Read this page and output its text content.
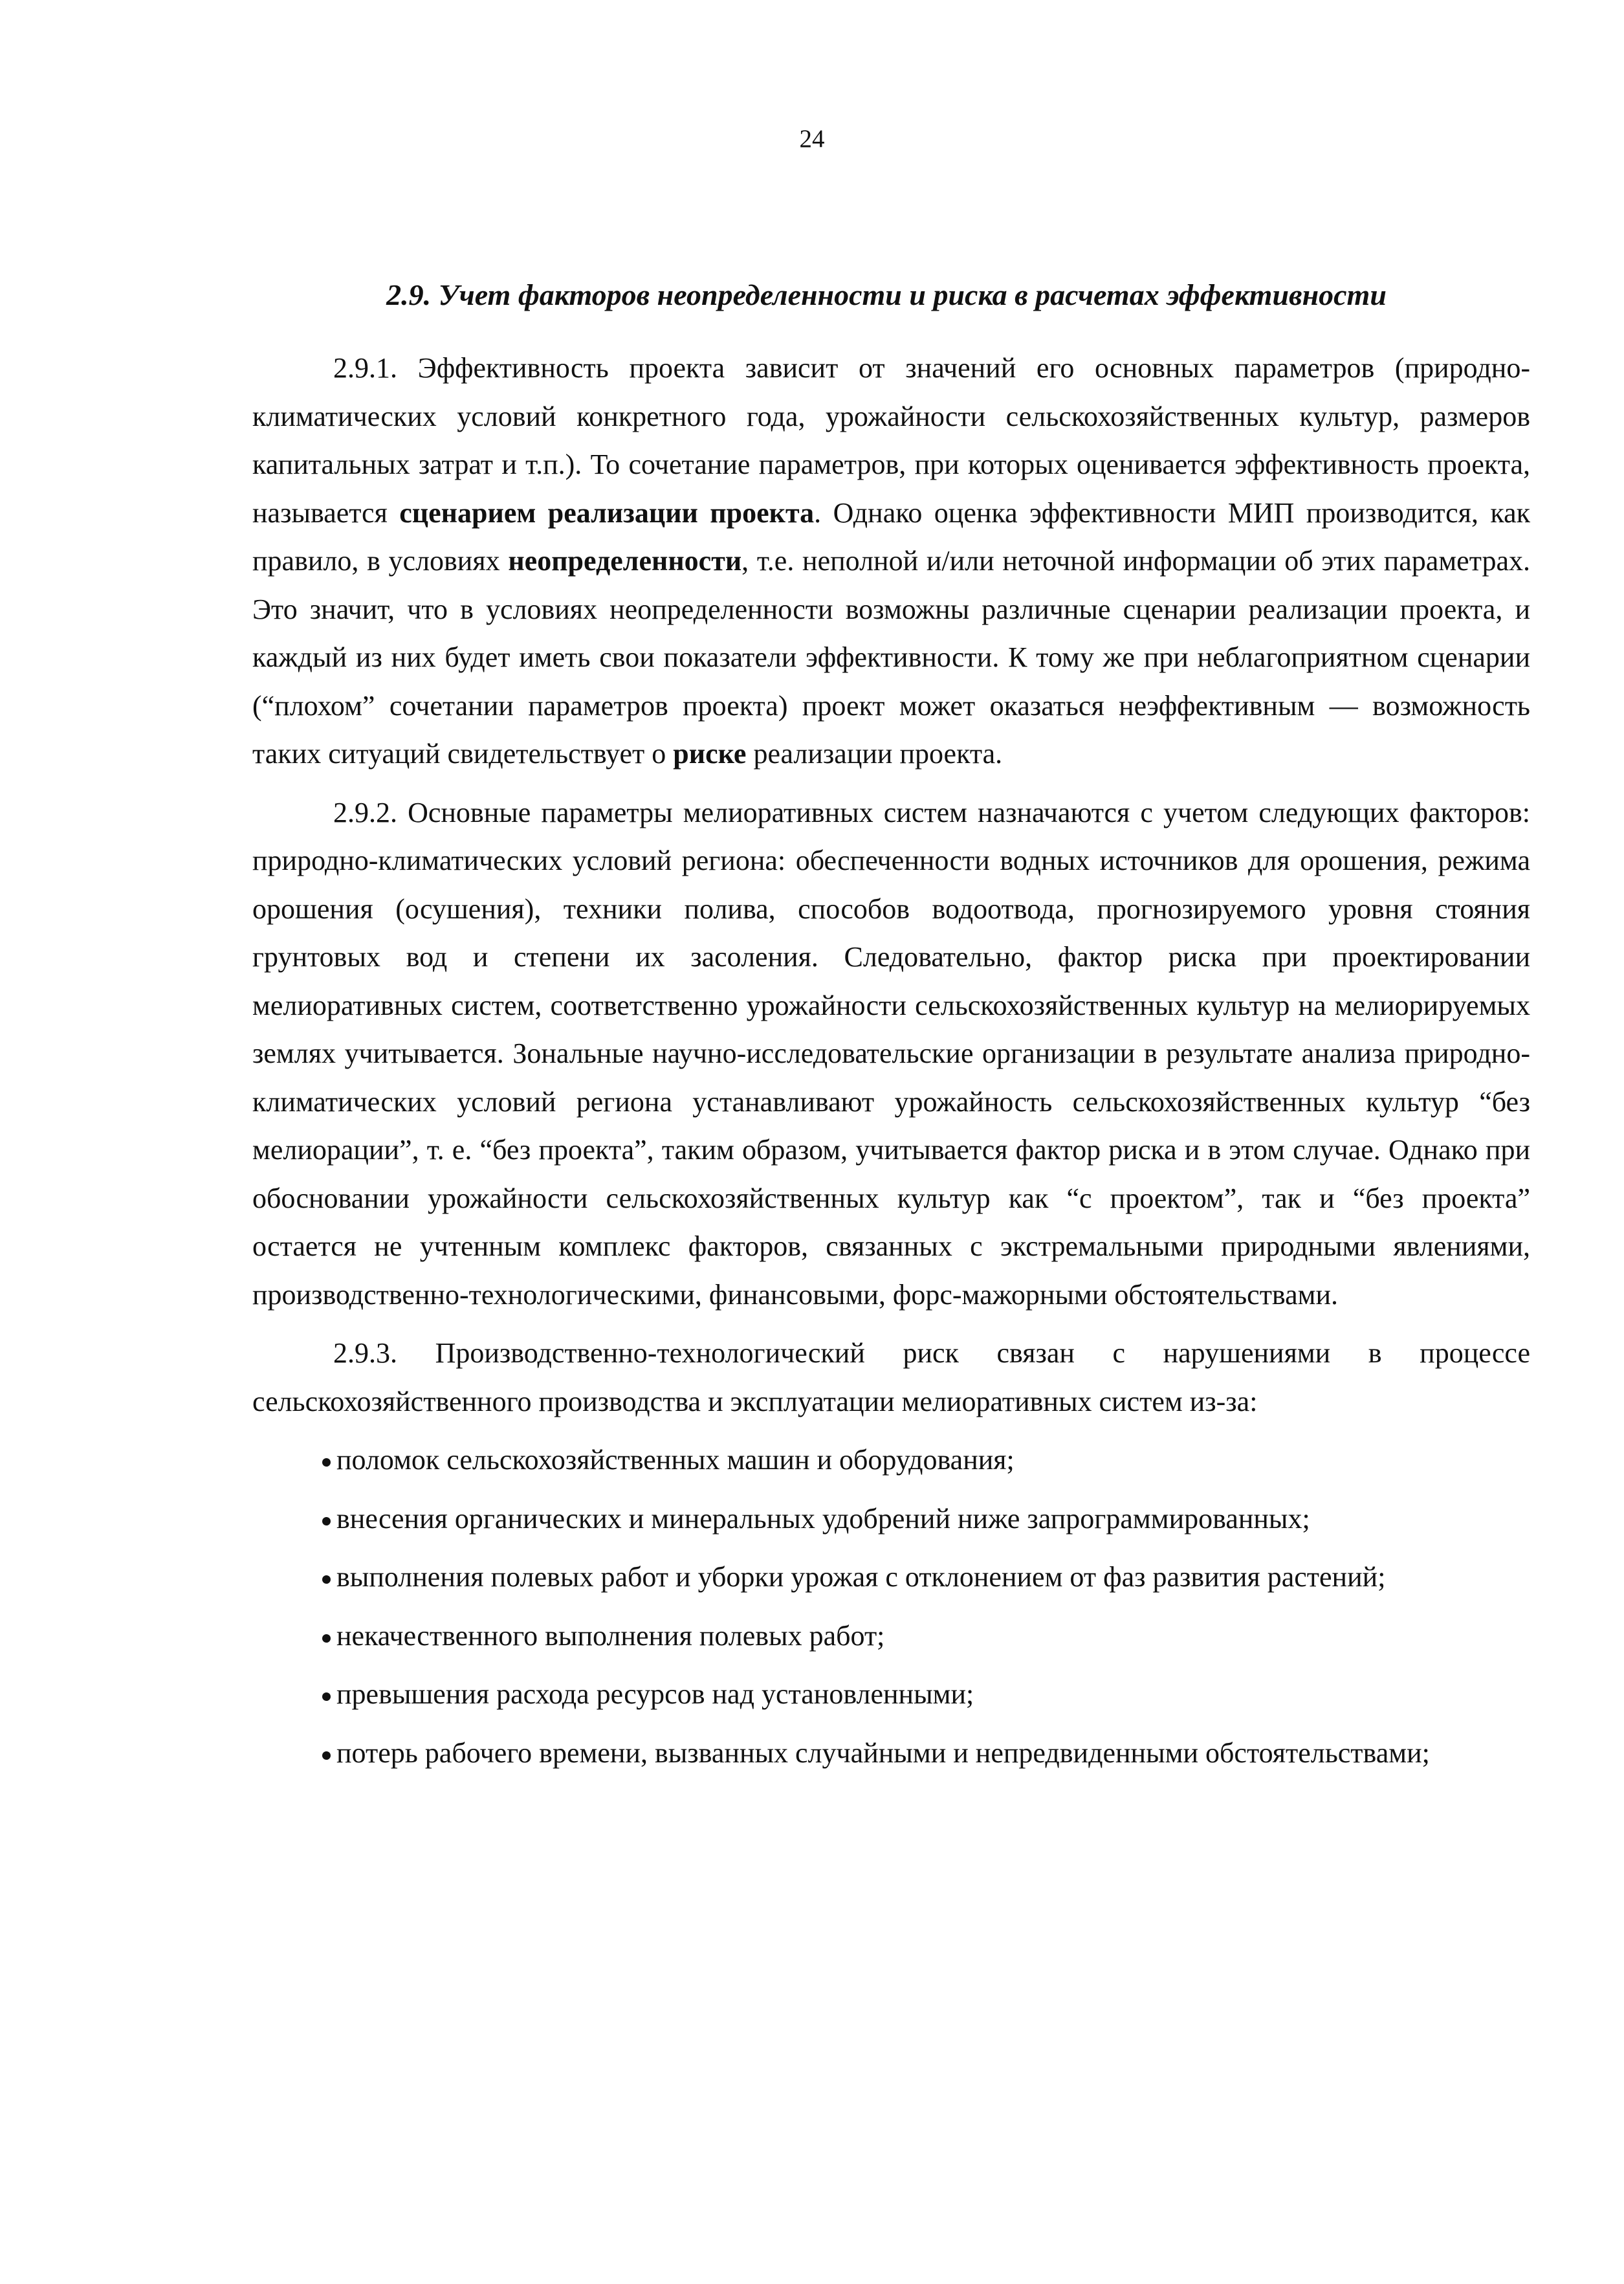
24
2.9. Учет факторов неопределенности и риска в расчетах эффективности

2.9.1. Эффективность проекта зависит от значений его основных параметров (природно-климатических условий конкретного года, урожайности сельскохозяйственных культур, размеров капитальных затрат и т.п.). То сочетание параметров, при которых оценивается эффективность проекта, называется сценарием реализации проекта. Однако оценка эффективности МИП производится, как правило, в условиях неопределенности, т.е. неполной и/или неточной информации об этих параметрах. Это значит, что в условиях неопределенности возможны различные сценарии реализации проекта, и каждый из них будет иметь свои показатели эффективности. К тому же при неблагоприятном сценарии (“плохом” сочетании параметров проекта) проект может оказаться неэффективным — возможность таких ситуаций свидетельствует о риске реализации проекта.

2.9.2. Основные параметры мелиоративных систем назначаются с учетом следующих факторов: природно-климатических условий региона: обеспеченности водных источников для орошения, режима орошения (осушения), техники полива, способов водоотвода, прогнозируемого уровня стояния грунтовых вод и степени их засоления. Следовательно, фактор риска при проектировании мелиоративных систем, соответственно урожайности сельскохозяйственных культур на мелиорируемых землях учитывается. Зональные научно-исследовательские организации в результате анализа природно-климатических условий региона устанавливают урожайность сельскохозяйственных культур “без мелиорации”, т. е. “без проекта”, таким образом, учитывается фактор риска и в этом случае. Однако при обосновании урожайности сельскохозяйственных культур как “с проектом”, так и “без проекта” остается не учтенным комплекс факторов, связанных с экстремальными природными явлениями, производственно-технологическими, финансовыми, форс-мажорными обстоятельствами.

2.9.3. Производственно-технологический риск связан с нарушениями в процессе сельскохозяйственного производства и эксплуатации мелиоративных систем из-за:

поломок сельскохозяйственных машин и оборудования;
внесения органических и минеральных удобрений ниже запрограммированных;
выполнения полевых работ и уборки урожая с отклонением от фаз развития растений;
некачественного выполнения полевых работ;
превышения расхода ресурсов над установленными;
потерь рабочего времени, вызванных случайными и непредвиденными обстоятельствами;
